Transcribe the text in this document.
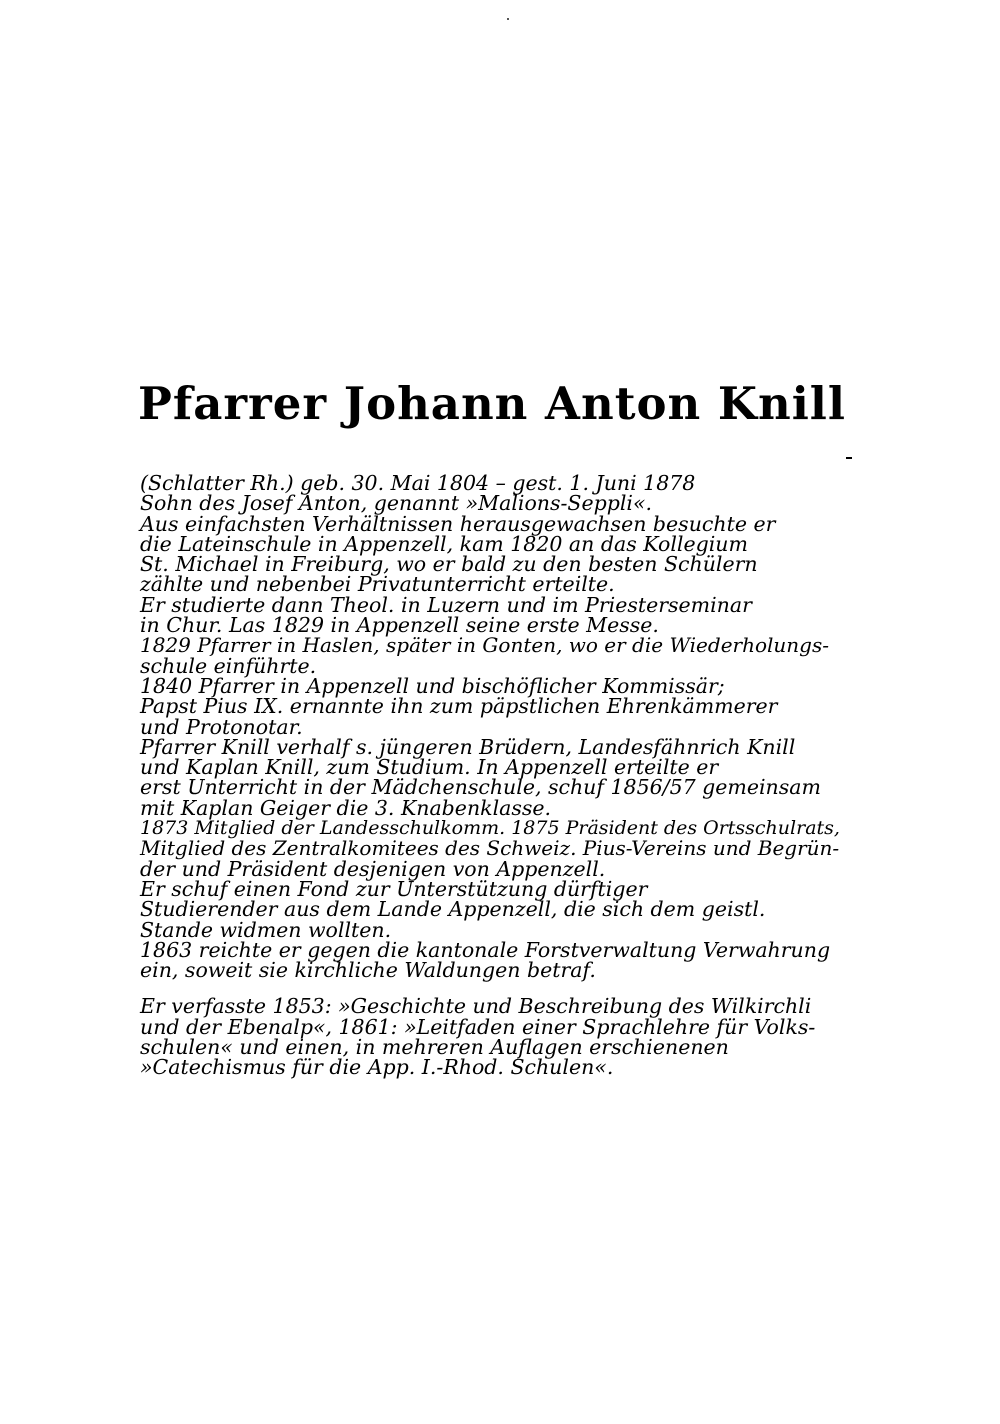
Pfarrer Johann Anton Knill
(Schlatter Rh.) geb. 30. Mai 1804 – gest. 1. Juni 1878
Sohn des Josef Anton, genannt »Malions-Seppli«.
Aus einfachsten Verhältnissen herausgewachsen besuchte er
die Lateinschule in Appenzell, kam 1820 an das Kollegium
St. Michael in Freiburg, wo er bald zu den besten Schülern
zählte und nebenbei Privatunterricht erteilte.
Er studierte dann Theol. in Luzern und im Priesterseminar
in Chur. Las 1829 in Appenzell seine erste Messe.
1829 Pfarrer in Haslen, später in Gonten, wo er die Wiederholungs-
schule einführte.
1840 Pfarrer in Appenzell und bischöflicher Kommissär;
Papst Pius IX. ernannte ihn zum päpstlichen Ehrenkämmerer
und Protonotar.
Pfarrer Knill verhalf s. jüngeren Brüdern, Landesfähnrich Knill
und Kaplan Knill, zum Studium. In Appenzell erteilte er
erst Unterricht in der Mädchenschule, schuf 1856/57 gemeinsam
mit Kaplan Geiger die 3. Knabenklasse.
1873 Mitglied der Landesschulkomm. 1875 Präsident des Ortsschulrats,
Mitglied des Zentralkomitees des Schweiz. Pius-Vereins und Begrün-
der und Präsident desjenigen von Appenzell.
Er schuf einen Fond zur Unterstützung dürftiger
Studierender aus dem Lande Appenzell, die sich dem geistl.
Stande widmen wollten.
1863 reichte er gegen die kantonale Forstverwaltung Verwahrung
ein, soweit sie kirchliche Waldungen betraf.
Er verfasste 1853: »Geschichte und Beschreibung des Wilkirchli
und der Ebenalp«, 1861: »Leitfaden einer Sprachlehre für Volks-
schulen« und einen, in mehreren Auflagen erschienenen
»Catechismus für die App. I.-Rhod. Schulen«.
